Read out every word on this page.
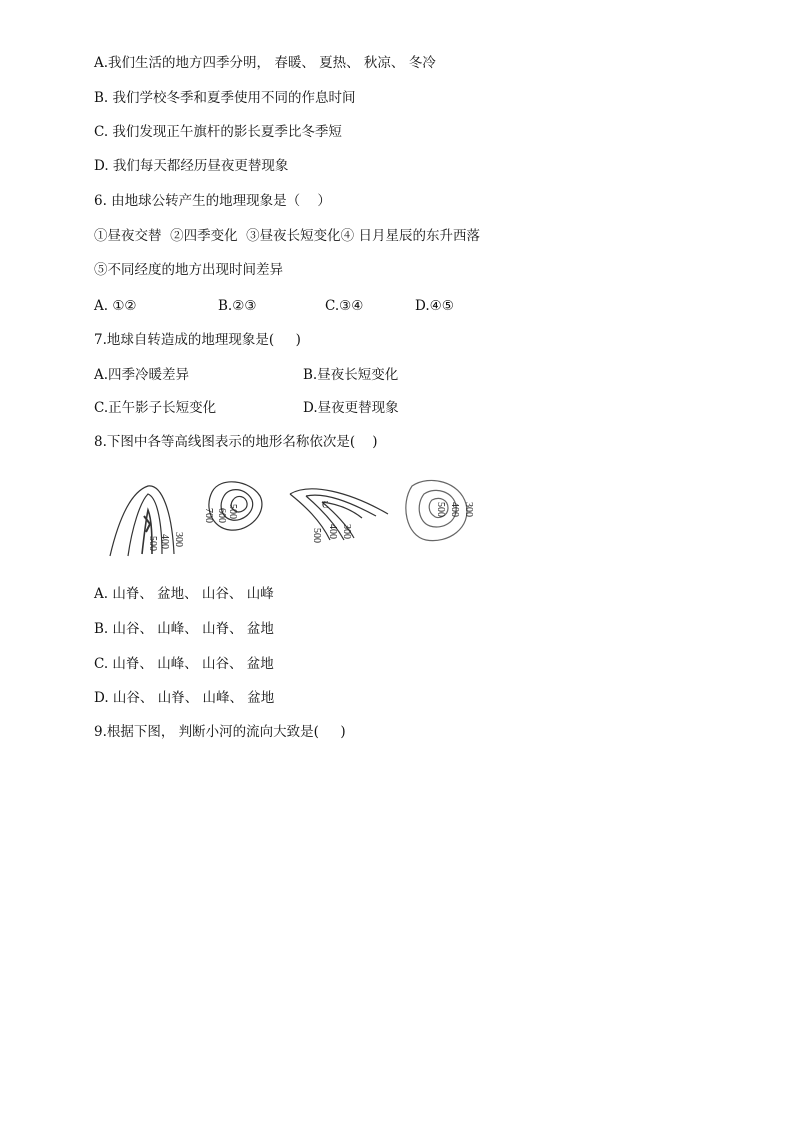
A.我们生活的地方四季分明， 春暖、 夏热、 秋凉、 冬冷
B. 我们学校冬季和夏季使用不同的作息时间
C. 我们发现正午旗杆的影长夏季比冬季短
D. 我们每天都经历昼夜更替现象
6. 由地球公转产生的地理现象是（    ）
①昼夜交替  ②四季变化  ③昼夜长短变化④ 日月星辰的东升西落
⑤不同经度的地方出现时间差异

A. ①②

	B.②③

	C.③④

	D.④⑤

7.地球自转造成的地理现象是(     )

A.四季冷暖差异

	B.昼夜长短变化

C.正午影子长短变化

	D.昼夜更替现象

8.下图中各等高线图表示的地形名称依次是(    )
300
400
500
700 600 500	C
300
400
500
300
400
500
A. 山脊、 盆地、 山谷、 山峰
B. 山谷、 山峰、 山脊、 盆地
C. 山脊、 山峰、 山谷、 盆地
D. 山谷、 山脊、 山峰、 盆地
9.根据下图， 判断小河的流向大致是(     )
